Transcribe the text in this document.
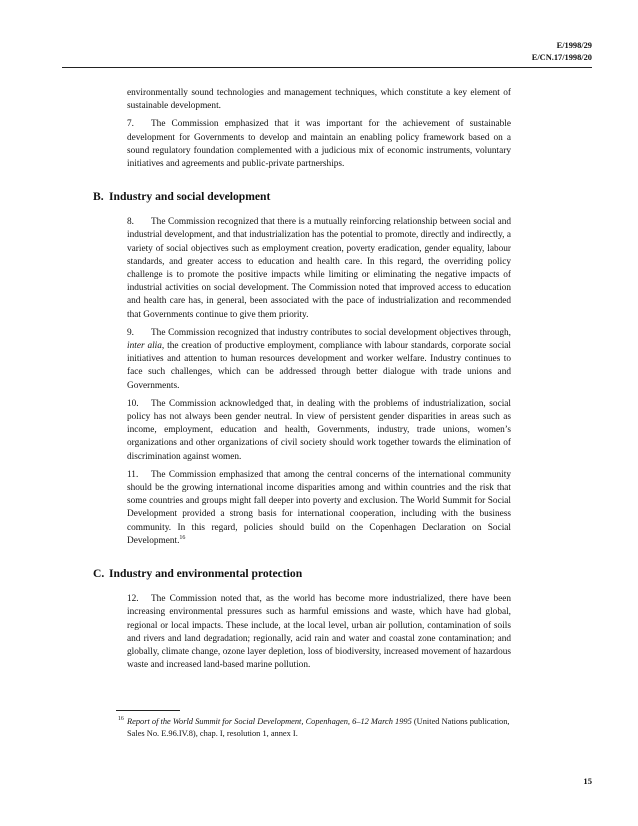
E/1998/29
E/CN.17/1998/20

environmentally sound technologies and management techniques, which constitute a key element of sustainable development.

7. The Commission emphasized that it was important for the achievement of sustainable development for Governments to develop and maintain an enabling policy framework based on a sound regulatory foundation complemented with a judicious mix of economic instruments, voluntary initiatives and agreements and public-private partnerships.

B. Industry and social development

8. The Commission recognized that there is a mutually reinforcing relationship between social and industrial development, and that industrialization has the potential to promote, directly and indirectly, a variety of social objectives such as employment creation, poverty eradication, gender equality, labour standards, and greater access to education and health care. In this regard, the overriding policy challenge is to promote the positive impacts while limiting or eliminating the negative impacts of industrial activities on social development. The Commission noted that improved access to education and health care has, in general, been associated with the pace of industrialization and recommended that Governments continue to give them priority.

9. The Commission recognized that industry contributes to social development objectives through, inter alia, the creation of productive employment, compliance with labour standards, corporate social initiatives and attention to human resources development and worker welfare. Industry continues to face such challenges, which can be addressed through better dialogue with trade unions and Governments.

10. The Commission acknowledged that, in dealing with the problems of industrialization, social policy has not always been gender neutral. In view of persistent gender disparities in areas such as income, employment, education and health, Governments, industry, trade unions, women’s organizations and other organizations of civil society should work together towards the elimination of discrimination against women.

11. The Commission emphasized that among the central concerns of the international community should be the growing international income disparities among and within countries and the risk that some countries and groups might fall deeper into poverty and exclusion. The World Summit for Social Development provided a strong basis for international cooperation, including with the business community. In this regard, policies should build on the Copenhagen Declaration on Social Development.$^{16}$

C. Industry and environmental protection

12. The Commission noted that, as the world has become more industrialized, there have been increasing environmental pressures such as harmful emissions and waste, which have had global, regional or local impacts. These include, at the local level, urban air pollution, contamination of soils and rivers and land degradation; regionally, acid rain and water and coastal zone contamination; and globally, climate change, ozone layer depletion, loss of biodiversity, increased movement of hazardous waste and increased land-based marine pollution.

16 Report of the World Summit for Social Development, Copenhagen, 6–12 March 1995 (United Nations publication, Sales No. E.96.IV.8), chap. I, resolution 1, annex I.
15
